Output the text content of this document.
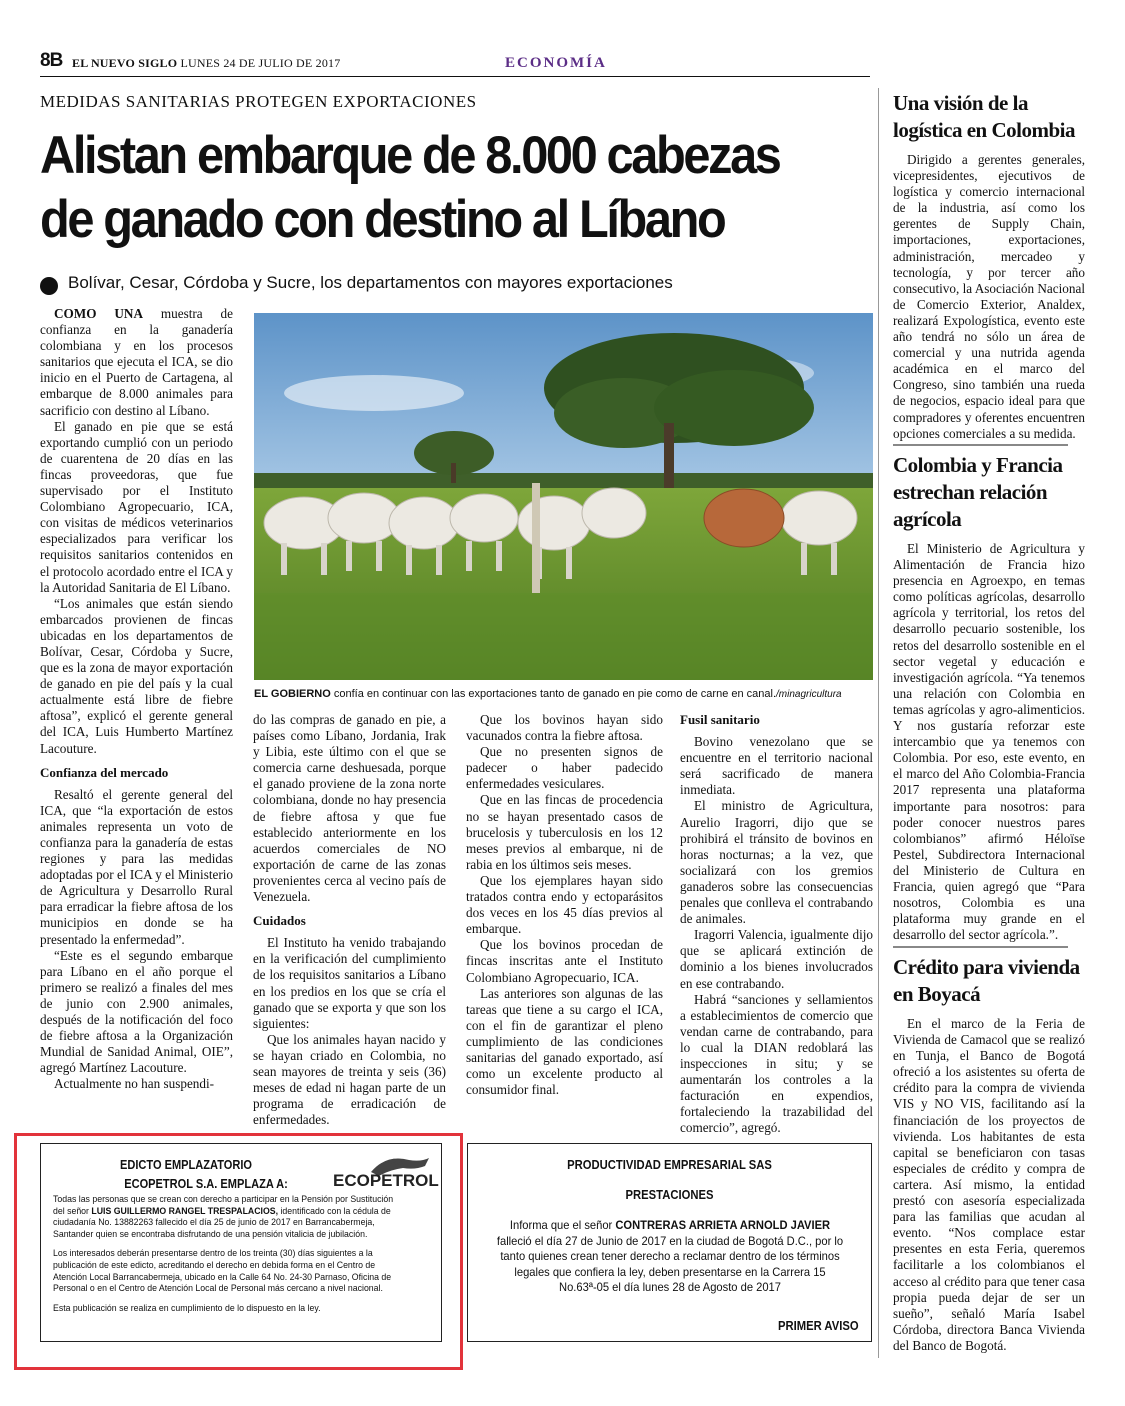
8B EL NUEVO SIGLO LUNES 24 DE JULIO DE 2017	ECONOMÍA
MEDIDAS SANITARIAS PROTEGEN EXPORTACIONES
Alistan embarque de 8.000 cabezas
de ganado con destino al Líbano
Bolívar, Cesar, Córdoba y Sucre, los departamentos con mayores exportaciones

COMO UNA muestra de confianza en la ganadería colombiana y en los procesos sanitarios que ejecuta el ICA, se dio inicio en el Puerto de Cartagena, al embarque de 8.000 animales para sacrificio con destino al Líbano.

El ganado en pie que se está exportando cumplió con un periodo de cuarentena de 20 días en las fincas proveedoras, que fue supervisado por el Instituto Colombiano Agropecuario, ICA, con visitas de médicos veterinarios especializados para verificar los requisitos sanitarios contenidos en el protocolo acordado entre el ICA y la Autoridad Sanitaria de El Líbano.

“Los animales que están siendo embarcados provienen de fincas ubicadas en los departamentos de Bolívar, Cesar, Córdoba y Sucre, que es la zona de mayor exportación de ganado en pie del país y la cual actualmente está libre de fiebre aftosa”, explicó el gerente general del ICA, Luis Humberto Martínez Lacouture.

Confianza del mercado

Resaltó el gerente general del ICA, que “la exportación de estos animales representa un voto de confianza para la ganadería de estas regiones y para las medidas adoptadas por el ICA y el Ministerio de Agricultura y Desarrollo Rural para erradicar la fiebre aftosa de los municipios en donde se ha presentado la enfermedad”.

“Este es el segundo embarque para Líbano en el año porque el primero se realizó a finales del mes de junio con 2.900 animales, después de la notificación del foco de fiebre aftosa a la Organización Mundial de Sanidad Animal, OIE”, agregó Martínez Lacouture.

Actualmente no han suspendi-

EL GOBIERNO confía en continuar con las exportaciones tanto de ganado en pie como de carne en canal./minagricultura

do las compras de ganado en pie, a países como Líbano, Jordania, Irak y Libia, este último con el que se comercia carne deshuesada, porque el ganado proviene de la zona norte colombiana, donde no hay presencia de fiebre aftosa y que fue establecido anteriormente en los acuerdos comerciales de NO exportación de carne de las zonas provenientes cerca al vecino país de Venezuela.

Cuidados

El Instituto ha venido trabajando en la verificación del cumplimiento de los requisitos sanitarios a Líbano en los predios en los que se cría el ganado que se exporta y que son los siguientes:

Que los animales hayan nacido y se hayan criado en Colombia, no sean mayores de treinta y seis (36) meses de edad ni hagan parte de un programa de erradicación de enfermedades.

Que los bovinos hayan sido vacunados contra la fiebre aftosa.

Que no presenten signos de padecer o haber padecido enfermedades vesiculares.

Que en las fincas de procedencia no se hayan presentado casos de brucelosis y tuberculosis en los 12 meses previos al embarque, ni de rabia en los últimos seis meses.

Que los ejemplares hayan sido tratados contra endo y ectoparásitos dos veces en los 45 días previos al embarque.

Que los bovinos procedan de fincas inscritas ante el Instituto Colombiano Agropecuario, ICA.

Las anteriores son algunas de las tareas que tiene a su cargo el ICA, con el fin de garantizar el pleno cumplimiento de las condiciones sanitarias del ganado exportado, así como un excelente producto al consumidor final.

Fusil sanitario

Bovino venezolano que se encuentre en el territorio nacional será sacrificado de manera inmediata.

El ministro de Agricultura, Aurelio Iragorri, dijo que se prohibirá el tránsito de bovinos en horas nocturnas; a la vez, que socializará con los gremios ganaderos sobre las consecuencias penales que conlleva el contrabando de animales.

Iragorri Valencia, igualmente dijo que se aplicará extinción de dominio a los bienes involucrados en ese contrabando.

Habrá “sanciones y sellamientos a establecimientos de comercio que vendan carne de contrabando, para lo cual la DIAN redoblará las inspecciones in situ; y se aumentarán los controles a la facturación en expendios, fortaleciendo la trazabilidad del comercio”, agregó.

Una visión de la logística en Colombia

Dirigido a gerentes generales, vicepresidentes, ejecutivos de logística y comercio internacional de la industria, así como los gerentes de Supply Chain, importaciones, exportaciones, administración, mercadeo y tecnología, y por tercer año consecutivo, la Asociación Nacional de Comercio Exterior, Analdex, realizará Expologística, evento este año tendrá no sólo un área de comercial y una nutrida agenda académica en el marco del Congreso, sino también una rueda de negocios, espacio ideal para que compradores y oferentes encuentren opciones comerciales a su medida.

Colombia y Francia estrechan relación agrícola

El Ministerio de Agricultura y Alimentación de Francia hizo presencia en Agroexpo, en temas como políticas agrícolas, desarrollo agrícola y territorial, los retos del desarrollo pecuario sostenible, los retos del desarrollo sostenible en el sector vegetal y educación e investigación agrícola. “Ya tenemos una relación con Colombia en temas agrícolas y agro-alimenticios. Y nos gustaría reforzar este intercambio que ya tenemos con Colombia. Por eso, este evento, en el marco del Año Colombia-Francia 2017 representa una plataforma importante para nosotros: para poder conocer nuestros pares colombianos” afirmó Héloïse Pestel, Subdirectora Internacional del Ministerio de Cultura en Francia, quien agregó que “Para nosotros, Colombia es una plataforma muy grande en el desarrollo del sector agrícola.”.

Crédito para vivienda en Boyacá

En el marco de la Feria de Vivienda de Camacol que se realizó en Tunja, el Banco de Bogotá ofreció a los asistentes su oferta de crédito para la compra de vivienda VIS y NO VIS, facilitando así la financiación de los proyectos de vivienda. Los habitantes de esta capital se beneficiaron con tasas especiales de crédito y compra de cartera. Así mismo, la entidad prestó con asesoría especializada para las familias que acudan al evento. “Nos complace estar presentes en esta Feria, queremos facilitarle a los colombianos el acceso al crédito para que tener casa propia pueda dejar de ser un sueño”, señaló María Isabel Córdoba, directora Banca Vivienda del Banco de Bogotá.

EDICTO EMPLAZATORIO
ECOPETROL S.A. EMPLAZA A:	ECOPETROL

Todas las personas que se crean con derecho a participar en la Pensión por Sustitución del señor LUIS GUILLERMO RANGEL TRESPALACIOS, identificado con la cédula de ciudadanía No. 13882263 fallecido el día 25 de junio de 2017 en Barrancabermeja, Santander quien se encontraba disfrutando de una pensión vitalicia de jubilación.

Los interesados deberán presentarse dentro de los treinta (30) días siguientes a la publicación de este edicto, acreditando el derecho en debida forma en el Centro de Atención Local Barrancabermeja, ubicado en la Calle 64 No. 24-30 Parnaso, Oficina de Personal o en el Centro de Atención Local de Personal más cercano a nivel nacional.

Esta publicación se realiza en cumplimiento de lo dispuesto en la ley.

PRODUCTIVIDAD EMPRESARIAL SAS
PRESTACIONES
Informa que el señor CONTRERAS ARRIETA ARNOLD JAVIER falleció el día 27 de Junio de 2017 en la ciudad de Bogotá D.C., por lo tanto quienes crean tener derecho a reclamar dentro de los términos legales que confiera la ley, deben presentarse en la Carrera 15 No.63ª-05 el día lunes 28 de Agosto de 2017
PRIMER AVISO
